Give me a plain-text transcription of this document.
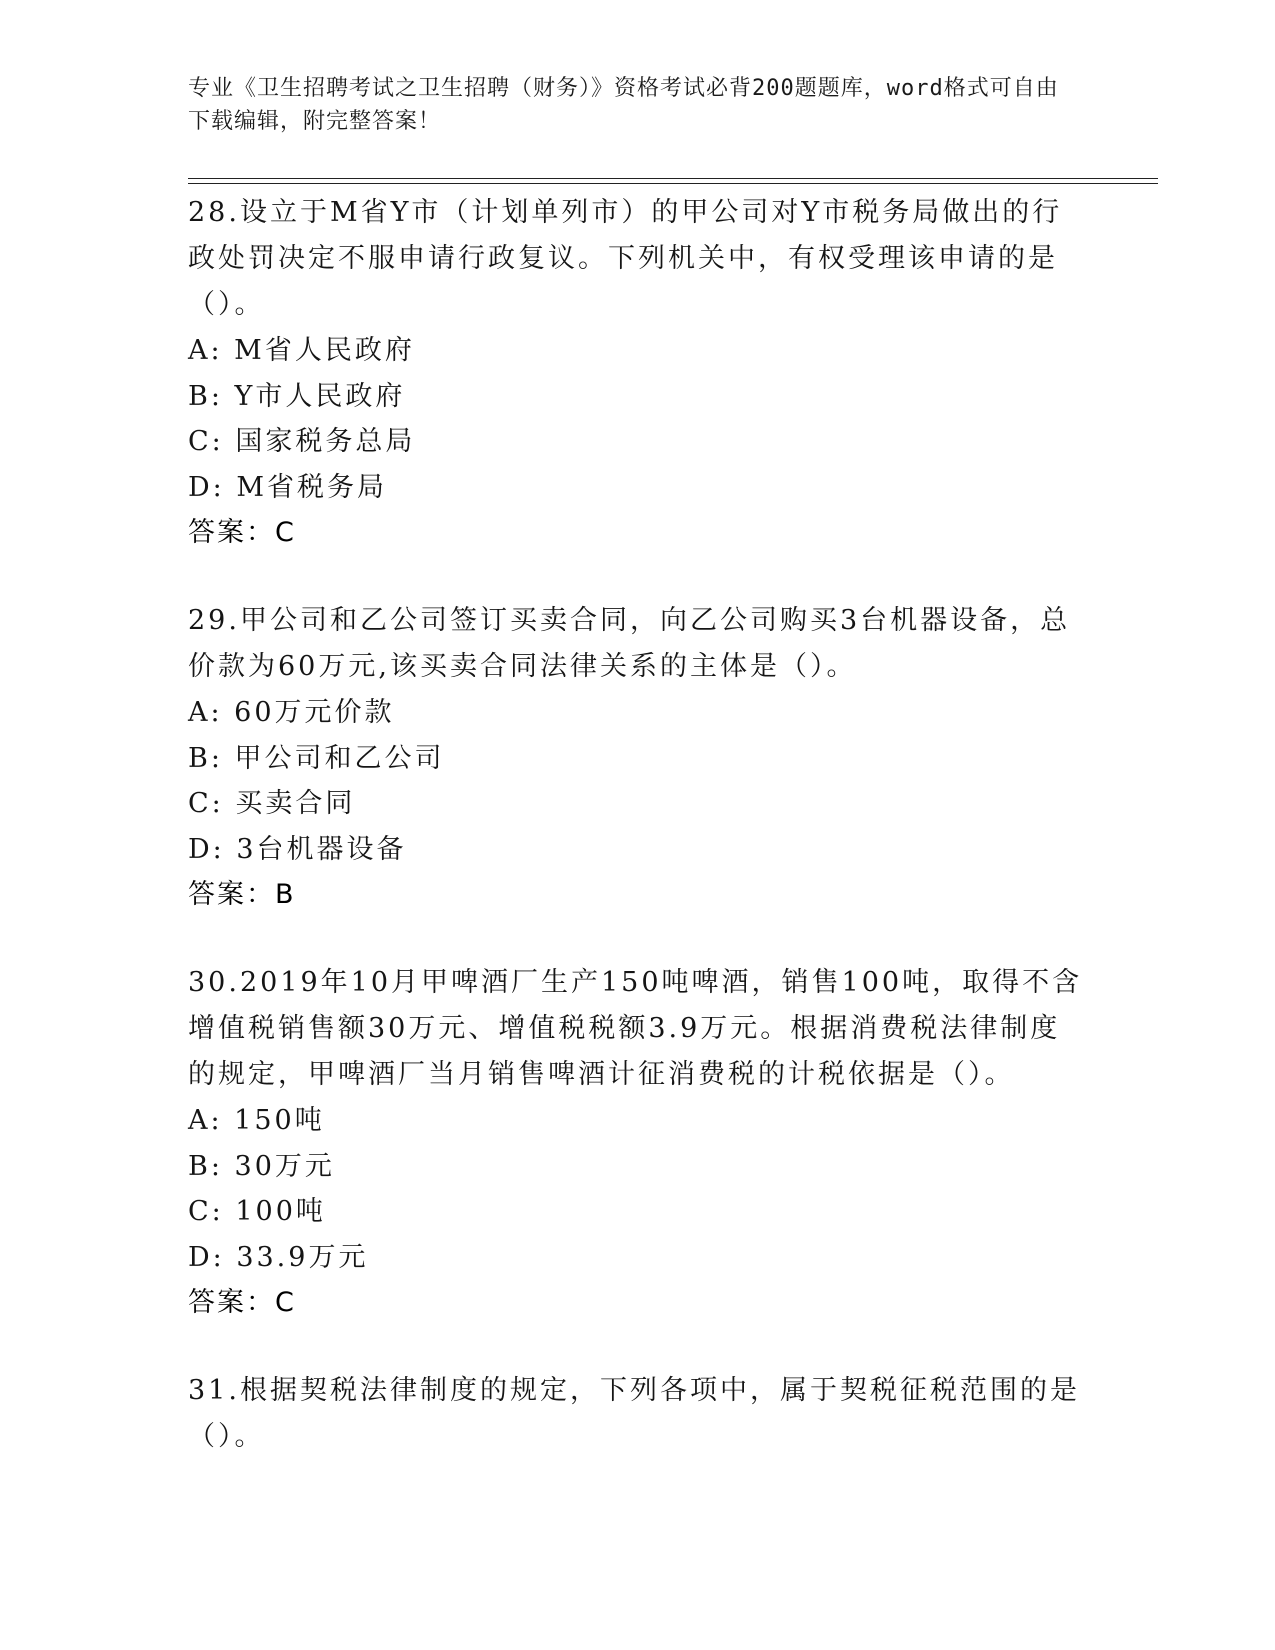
专业《卫生招聘考试之卫生招聘（财务）》资格考试必背200题题库，word格式可自由下载编辑，附完整答案！

28.设立于M省Y市（计划单列市）的甲公司对Y市税务局做出的行政处罚决定不服申请行政复议。下列机关中，有权受理该申请的是（）。

A: M省人民政府

B: Y市人民政府

C: 国家税务总局

D: M省税务局

答案：C

29.甲公司和乙公司签订买卖合同，向乙公司购买3台机器设备，总价款为60万元,该买卖合同法律关系的主体是（）。

A: 60万元价款

B: 甲公司和乙公司

C: 买卖合同

D: 3台机器设备

答案：B

30.2019年10月甲啤酒厂生产150吨啤酒，销售100吨，取得不含增值税销售额30万元、增值税税额3.9万元。根据消费税法律制度的规定，甲啤酒厂当月销售啤酒计征消费税的计税依据是（）。

A: 150吨

B: 30万元

C: 100吨

D: 33.9万元

答案：C

31.根据契税法律制度的规定，下列各项中，属于契税征税范围的是（）。
